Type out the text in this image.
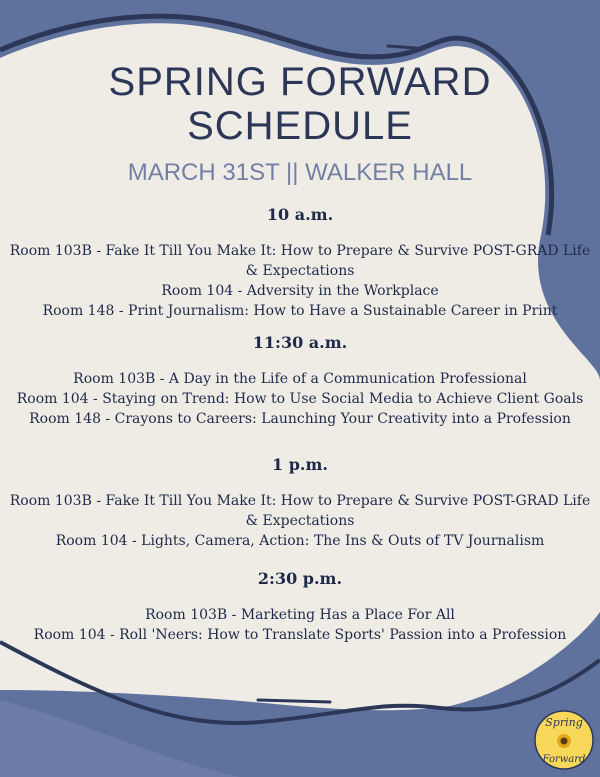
SPRING FORWARD
SCHEDULE
MARCH 31ST || WALKER HALL
10 a.m.
Room 103B - Fake It Till You Make It: How to Prepare & Survive POST-GRAD Life & Expectations
Room 104 - Adversity in the Workplace
Room 148 - Print Journalism: How to Have a Sustainable Career in Print
11:30 a.m.
Room 103B - A Day in the Life of a Communication Professional
Room 104 - Staying on Trend: How to Use Social Media to Achieve Client Goals
Room 148 - Crayons to Careers: Launching Your Creativity into a Profession
1 p.m.
Room 103B - Fake It Till You Make It: How to Prepare & Survive POST-GRAD Life & Expectations
Room 104 - Lights, Camera, Action: The Ins & Outs of TV Journalism
2:30 p.m.
Room 103B - Marketing Has a Place For All
Room 104 - Roll 'Neers: How to Translate Sports' Passion into a Profession
Spring
Forward
